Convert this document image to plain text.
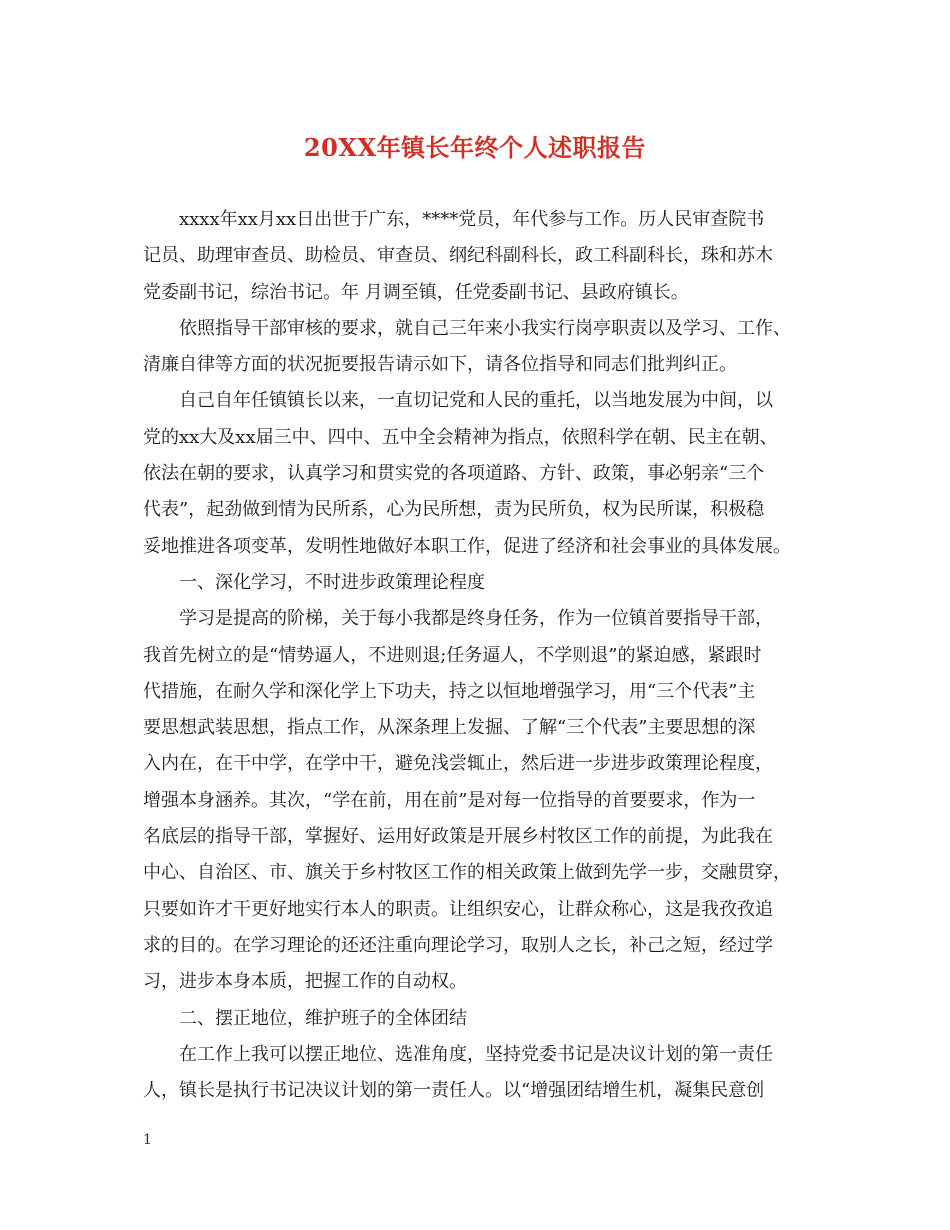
20XX年镇长年终个人述职报告
xxxx年xx月xx日出世于广东，****党员，年代参与工作。历人民审查院书
记员、助理审查员、助检员、审查员、纲纪科副科长，政工科副科长，珠和苏木
党委副书记，综治书记。年 月调至镇，任党委副书记、县政府镇长。
依照指导干部审核的要求，就自己三年来小我实行岗亭职责以及学习、工作、
清廉自律等方面的状况扼要报告请示如下，请各位指导和同志们批判纠正。
自己自年任镇镇长以来，一直切记党和人民的重托，以当地发展为中间，以
党的xx大及xx届三中、四中、五中全会精神为指点，依照科学在朝、民主在朝、
依法在朝的要求，认真学习和贯实党的各项道路、方针、政策，事必躬亲“三个
代表”，起劲做到情为民所系，心为民所想，责为民所负，权为民所谋，积极稳
妥地推进各项变革，发明性地做好本职工作，促进了经济和社会事业的具体发展。
一、深化学习，不时进步政策理论程度
学习是提高的阶梯，关于每小我都是终身任务，作为一位镇首要指导干部，
我首先树立的是“情势逼人，不进则退;任务逼人，不学则退”的紧迫感，紧跟时
代措施，在耐久学和深化学上下功夫，持之以恒地增强学习，用“三个代表”主
要思想武装思想，指点工作，从深条理上发掘、了解“三个代表”主要思想的深
入内在，在干中学，在学中干，避免浅尝辄止，然后进一步进步政策理论程度，
增强本身涵养。其次，“学在前，用在前”是对每一位指导的首要要求，作为一
名底层的指导干部，掌握好、运用好政策是开展乡村牧区工作的前提，为此我在
中心、自治区、市、旗关于乡村牧区工作的相关政策上做到先学一步，交融贯穿，
只要如许才干更好地实行本人的职责。让组织安心，让群众称心，这是我孜孜追
求的目的。在学习理论的还还注重向理论学习，取别人之长，补己之短，经过学
习，进步本身本质，把握工作的自动权。
二、摆正地位，维护班子的全体团结
在工作上我可以摆正地位、选准角度，坚持党委书记是决议计划的第一责任
人，镇长是执行书记决议计划的第一责任人。以“增强团结增生机，凝集民意创
1
